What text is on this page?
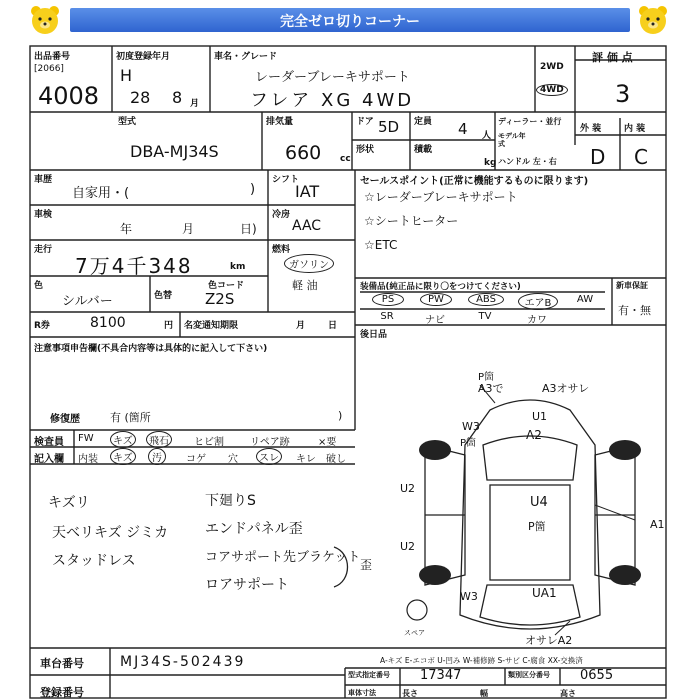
完全ゼロ切りコーナー
出品番号
[2066]
4008
初度登録年月
H
28 8 月
車名・グレード
レーダーブレーキサポート
フレア XG 4WD
2WD
4WD
評 価 点
3
型式
DBA-MJ34S
排気量
660 cc
ドア 5D 定員 4 人
形状	積載
kg
ディーラー・並行
モデル年式
ハンドル 左・右
外 装	内 装
D C
車歴
自家用・(	)
車検
年	月	日)
走行
7万4千348	km
色
シルバー	色替
色コード
Z2S
R券	8100	円 名変通知期限	月	日
シフト
IAT
冷房
AAC
燃料
ガソリン
軽 油
セールスポイント(正常に機能するものに限ります)
☆レーダーブレーキサポート
☆シートヒーター
☆ETC
装備品(純正品に限り〇をつけてください)
PS	PW	ABS	エアB	AW
SR	ナビ	TV	カワ
新車保証
有・無
後日品
注意事項申告欄(不具合内容等は具体的に記入して下さい)
修復歴	有 (箇所	)
検査員
記入欄
FW	キズ	飛石	ヒビ割	リペア跡	×要
内装	キズ	汚	コゲ 穴	スレ	キレ 破し
キズリ
天ベリキズ ジミカ
スタッドレス
下廻りS
エンドパネル歪
コアサポート先ブラケット
ロアサポート
歪
P箇
A3で	A3オサレ
U1
A2
W3
P箇
U2
U4
P箇	A1
U2
W3	UA1
オサレA2
スペア
A-キズ E-エコボ U-凹み W-補修跡 S-サビ C-腐食 XX-交換済
車台番号	MJ34S-502439
登録番号
型式指定番号 17347	類別区分番号 0655
車体寸法	長さ	幅	高さ
